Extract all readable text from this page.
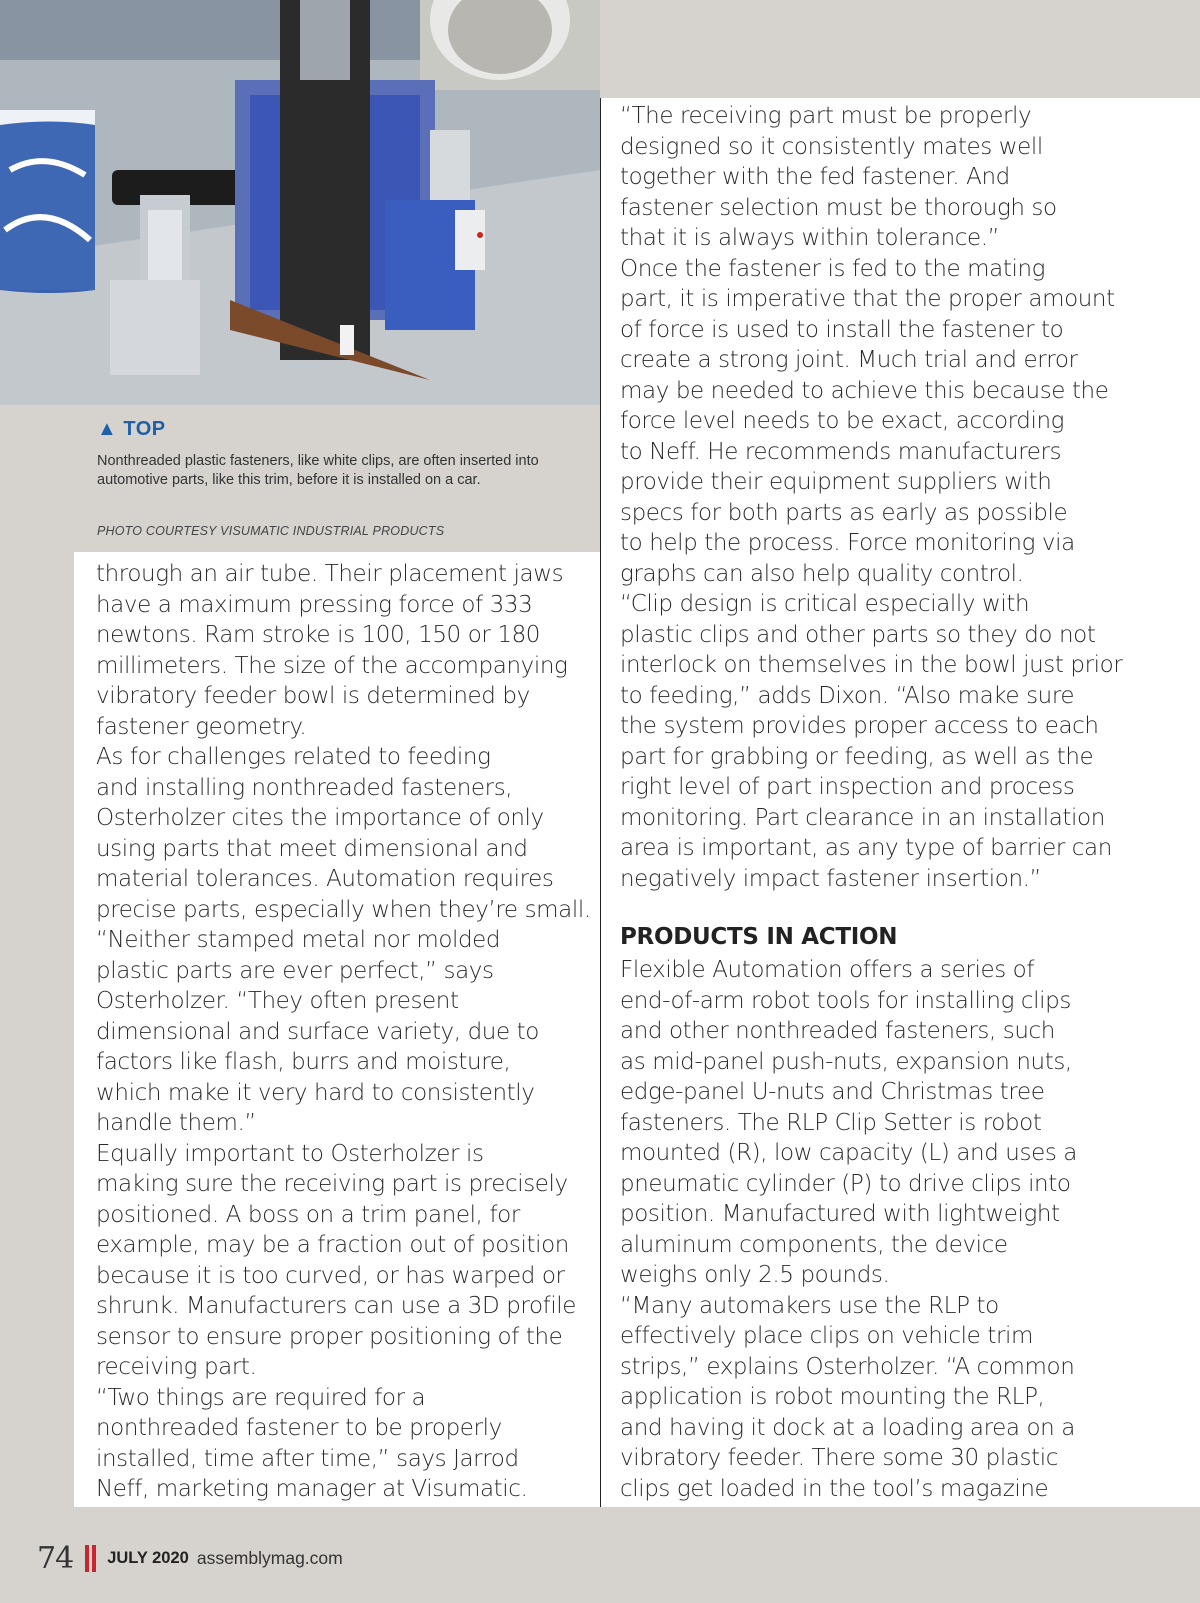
▲ TOP
Nonthreaded plastic fasteners, like white clips, are often inserted into automotive parts, like this trim, before it is installed on a car.
PHOTO COURTESY VISUMATIC INDUSTRIAL PRODUCTS

through an air tube. Their placement jaws
have a maximum pressing force of 333
newtons. Ram stroke is 100, 150 or 180
millimeters. The size of the accompanying
vibratory feeder bowl is determined by
fastener geometry.
As for challenges related to feeding
and installing nonthreaded fasteners,
Osterholzer cites the importance of only
using parts that meet dimensional and
material tolerances. Automation requires
precise parts, especially when they’re small.
“Neither stamped metal nor molded
plastic parts are ever perfect,” says
Osterholzer. “They often present
dimensional and surface variety, due to
factors like flash, burrs and moisture,
which make it very hard to consistently
handle them.”
Equally important to Osterholzer is
making sure the receiving part is precisely
positioned. A boss on a trim panel, for
example, may be a fraction out of position
because it is too curved, or has warped or
shrunk. Manufacturers can use a 3D profile
sensor to ensure proper positioning of the
receiving part.
“Two things are required for a
nonthreaded fastener to be properly
installed, time after time,” says Jarrod
Neff, marketing manager at Visumatic.

“The receiving part must be properly
designed so it consistently mates well
together with the fed fastener. And
fastener selection must be thorough so
that it is always within tolerance.”
Once the fastener is fed to the mating
part, it is imperative that the proper amount
of force is used to install the fastener to
create a strong joint. Much trial and error
may be needed to achieve this because the
force level needs to be exact, according
to Neff. He recommends manufacturers
provide their equipment suppliers with
specs for both parts as early as possible
to help the process. Force monitoring via
graphs can also help quality control.
“Clip design is critical especially with
plastic clips and other parts so they do not
interlock on themselves in the bowl just prior
to feeding,” adds Dixon. “Also make sure
the system provides proper access to each
part for grabbing or feeding, as well as the
right level of part inspection and process
monitoring. Part clearance in an installation
area is important, as any type of barrier can
negatively impact fastener insertion.”

PRODUCTS IN ACTION

Flexible Automation offers a series of
end-of-arm robot tools for installing clips
and other nonthreaded fasteners, such
as mid-panel push-nuts, expansion nuts,
edge-panel U-nuts and Christmas tree
fasteners. The RLP Clip Setter is robot
mounted (R), low capacity (L) and uses a
pneumatic cylinder (P) to drive clips into
position. Manufactured with lightweight
aluminum components, the device
weighs only 2.5 pounds.
“Many automakers use the RLP to
effectively place clips on vehicle trim
strips,” explains Osterholzer. “A common
application is robot mounting the RLP,
and having it dock at a loading area on a
vibratory feeder. There some 30 plastic
clips get loaded in the tool’s magazine

74 JULY 2020 assemblymag.com
